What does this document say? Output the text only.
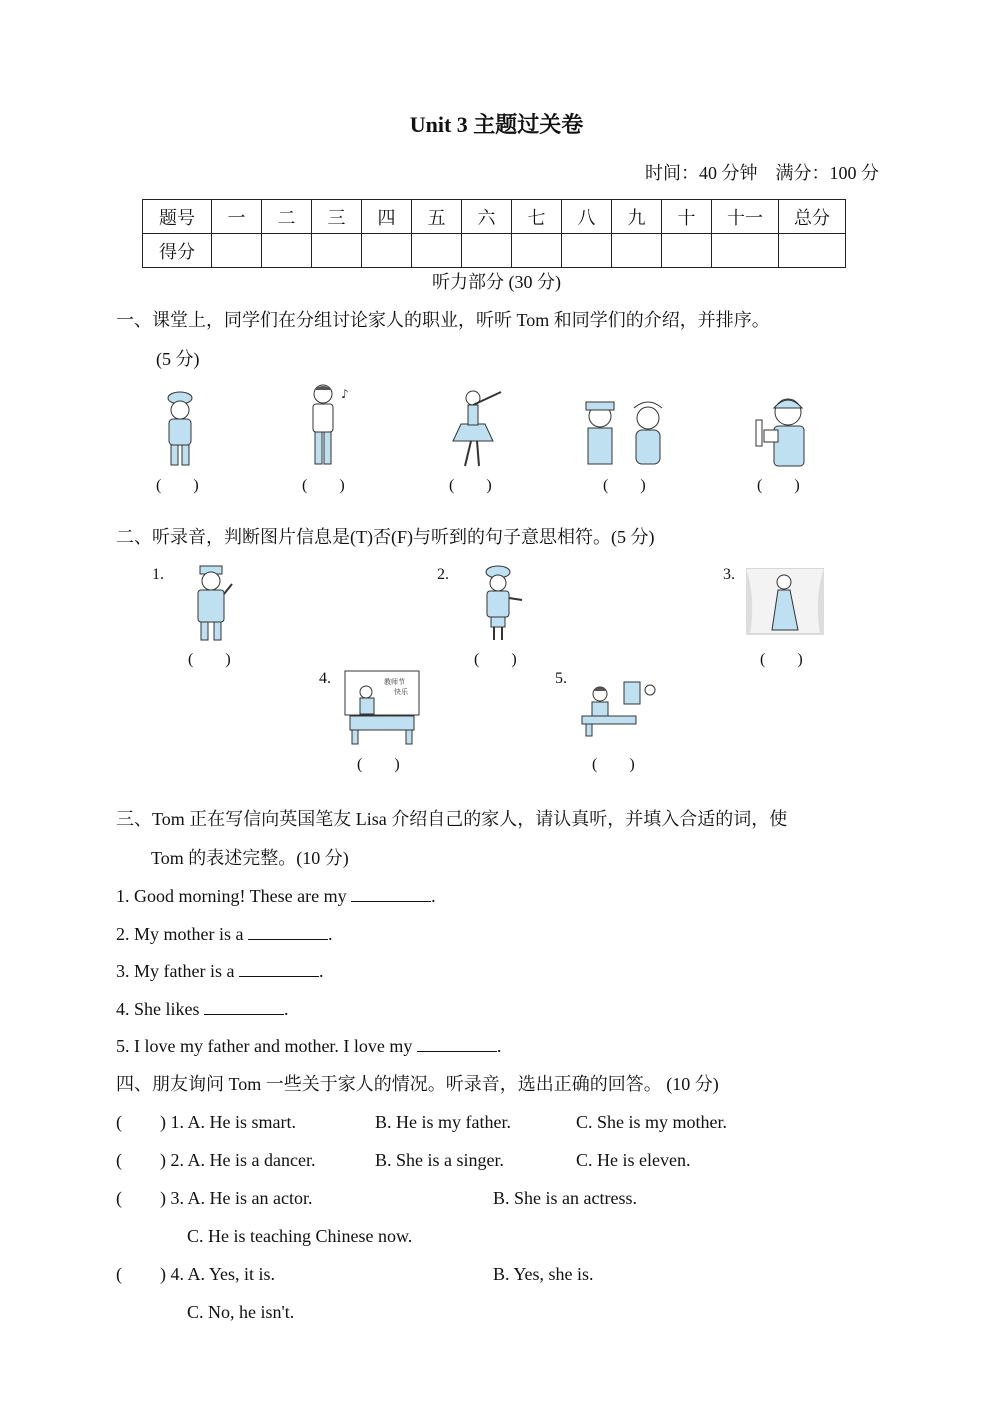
Unit 3 主题过关卷
时间：40 分钟　满分：100 分
题号	一	二	三	四	五	六	七	八	九	十	十一	总分
得分												
听力部分 (30 分)
一、课堂上，同学们在分组讨论家人的职业，听听 Tom 和同学们的介绍，并排序。
(5 分)
♪
(　　)	(　　)	(　　)	(　　)	(　　)
二、听录音，判断图片信息是(T)否(F)与听到的句子意思相符。(5 分)
1.	2.	3.
(　　)	(　　)	(　　)
4.	5.
教师节
快乐
(　　)	(　　)
三、Tom 正在写信向英国笔友 Lisa 介绍自己的家人，请认真听，并填入合适的词，使
Tom 的表述完整。(10 分)
1. Good morning! These are my	.
2. My mother is a	.
3. My father is a	.
4. She likes	.
5. I love my father and mother. I love my	.
四、朋友询问 Tom 一些关于家人的情况。听录音，选出正确的回答。 (10 分)
( ) 1. A. He is smart.	B. He is my father.	C. She is my mother.
( ) 2. A. He is a dancer.	B. She is a singer.	C. He is eleven.
( ) 3. A. He is an actor.	B. She is an actress.
C. He is teaching Chinese now.
( ) 4. A. Yes, it is.	B. Yes, she is.
C. No, he isn't.
